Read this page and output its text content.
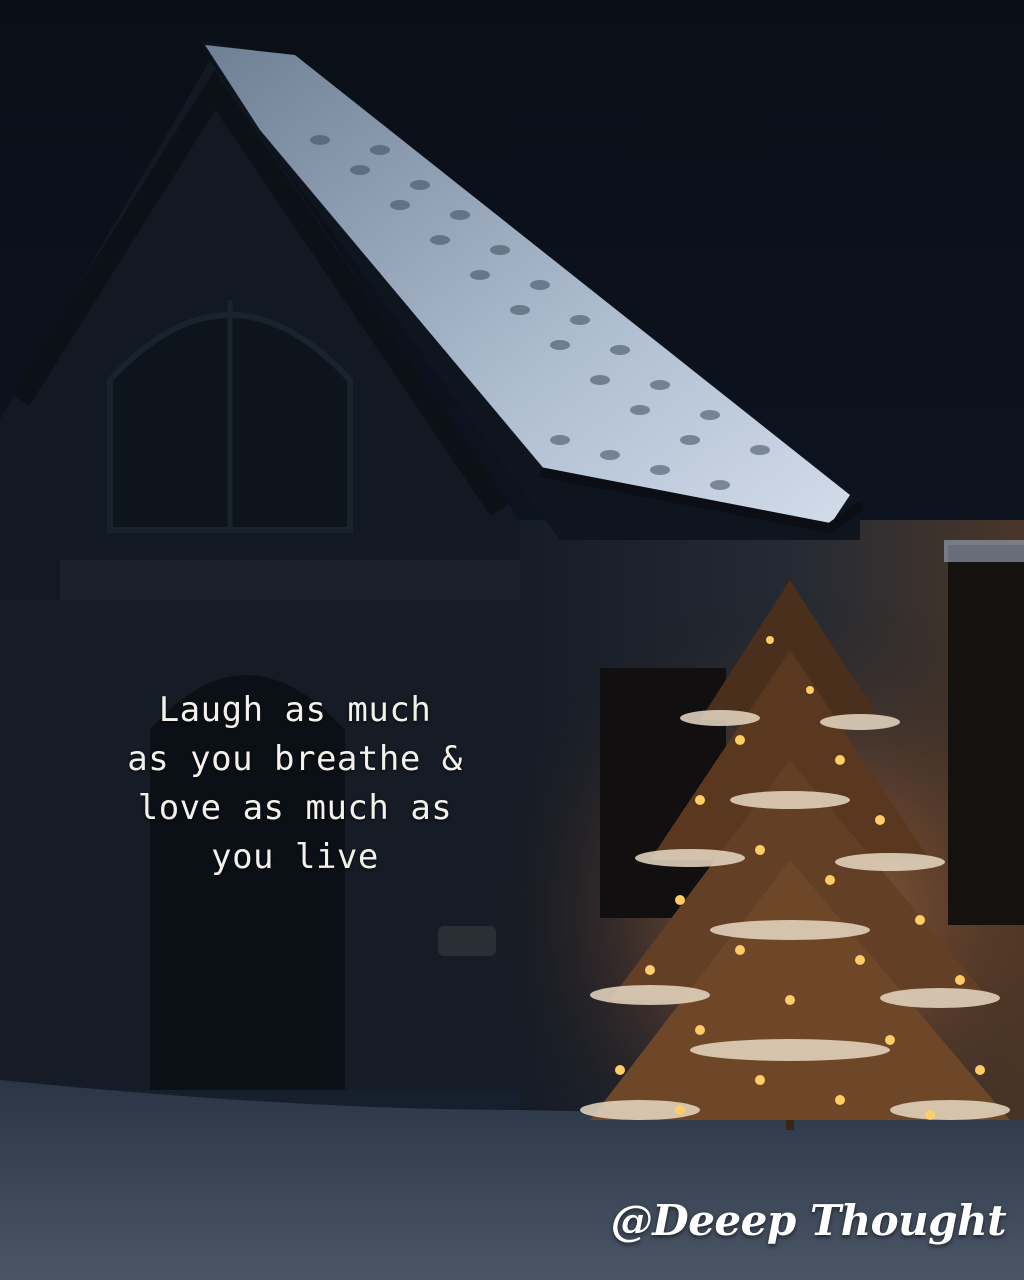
Laugh as much
as you breathe &
love as much as
you live
@Deeep Thought
